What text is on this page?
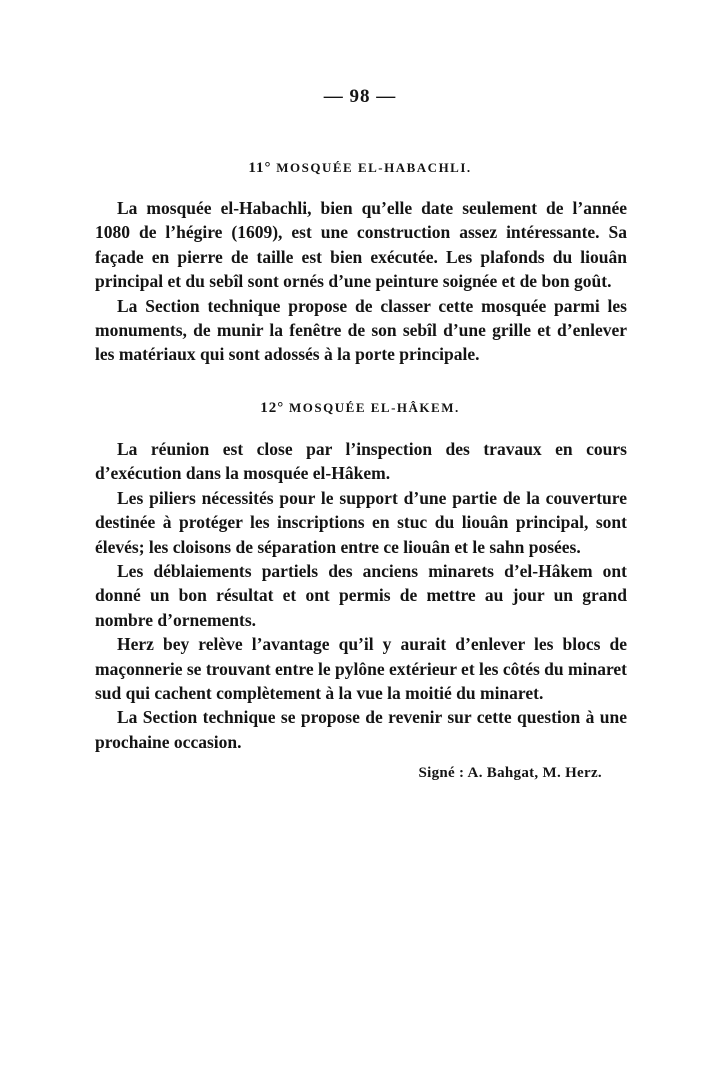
— 98 —
11° MOSQUÉE EL-HABACHLI.

La mosquée el-Habachli, bien qu’elle date seulement de l’année 1080 de l’hégire (1609), est une construction assez intéressante. Sa façade en pierre de taille est bien exécutée. Les plafonds du liouân principal et du sebîl sont ornés d’une peinture soignée et de bon goût.

La Section technique propose de classer cette mosquée parmi les monuments, de munir la fenêtre de son sebîl d’une grille et d’enlever les matériaux qui sont adossés à la porte principale.

12° MOSQUÉE EL-HÂKEM.

La réunion est close par l’inspection des travaux en cours d’exécution dans la mosquée el-Hâkem.

Les piliers nécessités pour le support d’une partie de la couverture destinée à protéger les inscriptions en stuc du liouân principal, sont élevés; les cloisons de séparation entre ce liouân et le sahn posées.

Les déblaiements partiels des anciens minarets d’el-Hâkem ont donné un bon résultat et ont permis de mettre au jour un grand nombre d’ornements.

Herz bey relève l’avantage qu’il y aurait d’enlever les blocs de maçonnerie se trouvant entre le pylône extérieur et les côtés du minaret sud qui cachent complètement à la vue la moitié du minaret.

La Section technique se propose de revenir sur cette question à une prochaine occasion.

Signé : A. Bahgat, M. Herz.
